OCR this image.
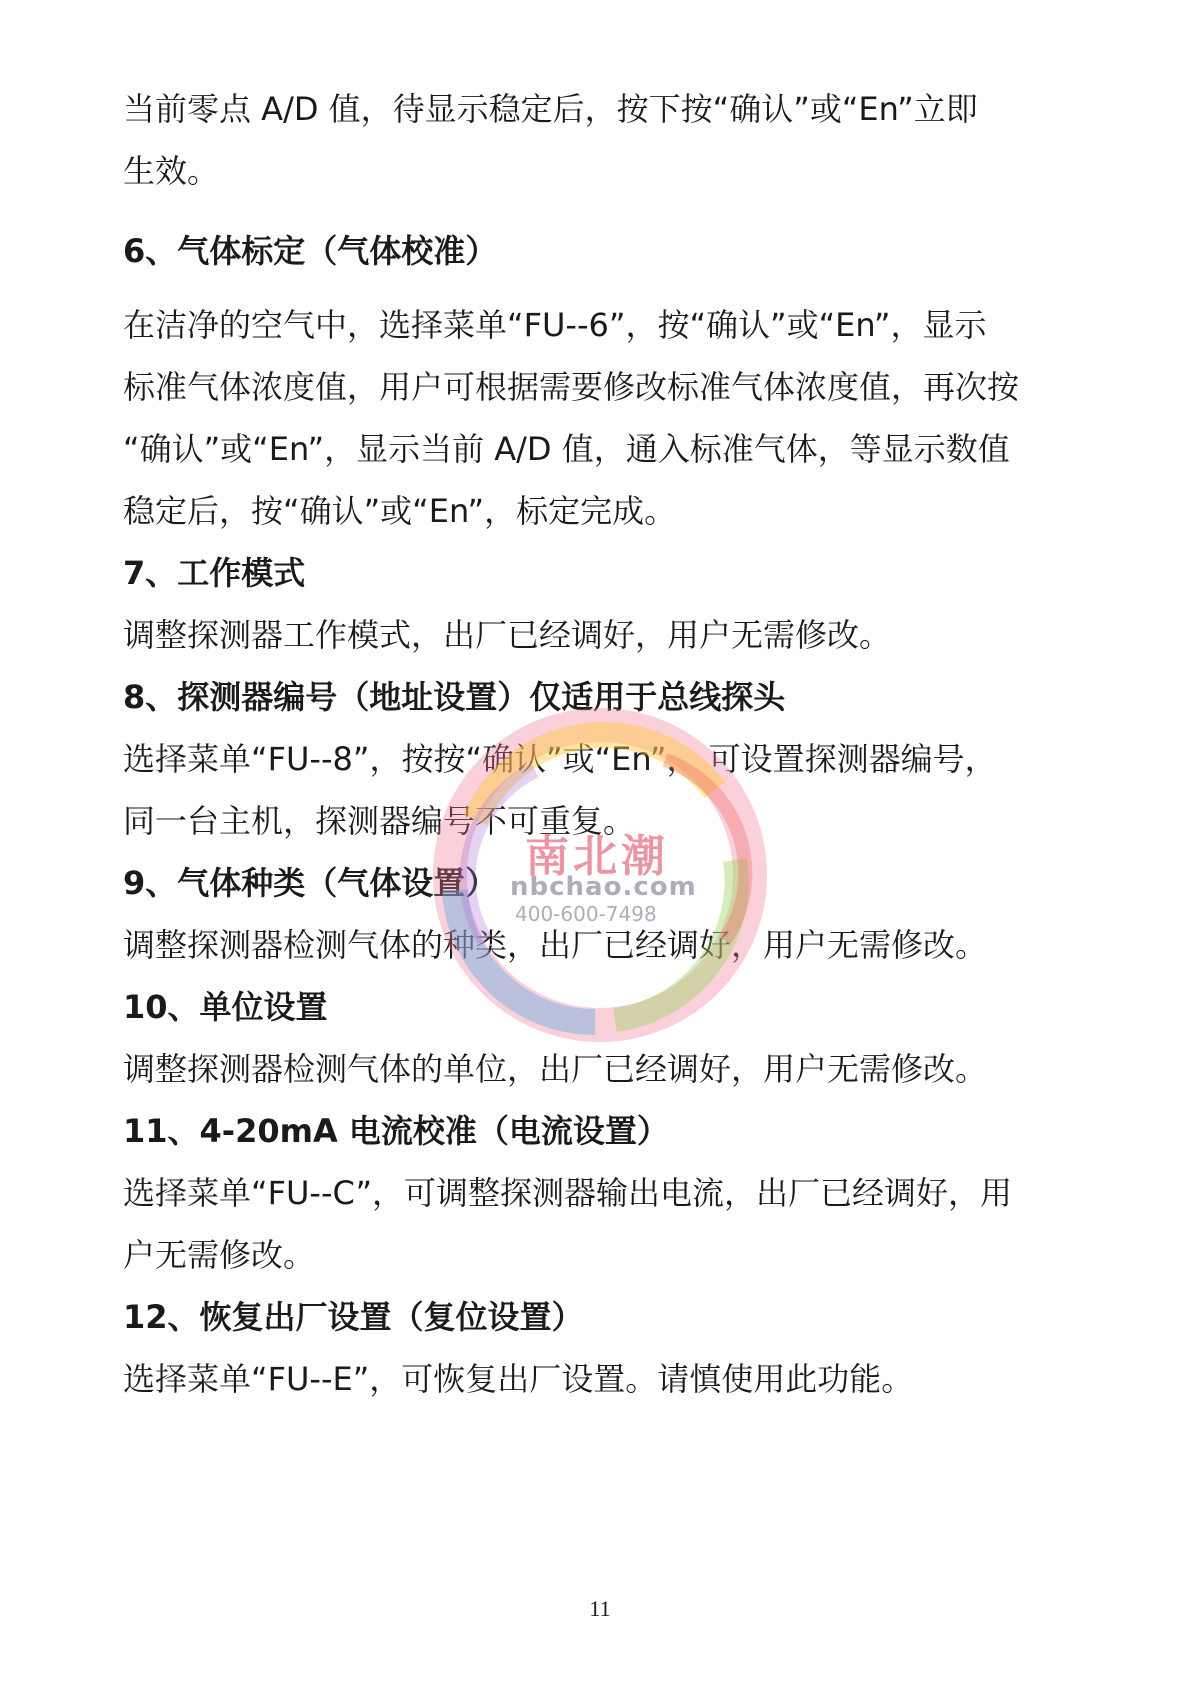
当前零点 A/D 值，待显示稳定后，按下按“确认”或“En”立即

生效。

6、气体标定（气体校准）

在洁净的空气中，选择菜单“FU--6”，按“确认”或“En”，显示

标准气体浓度值，用户可根据需要修改标准气体浓度值，再次按

“确认”或“En”，显示当前 A/D 值，通入标准气体，等显示数值

稳定后，按“确认”或“En”，标定完成。

7、工作模式

调整探测器工作模式，出厂已经调好，用户无需修改。

8、探测器编号（地址设置）仅适用于总线探头

选择菜单“FU--8”，按按“确认”或“En”， 可设置探测器编号，

同一台主机，探测器编号不可重复。

9、气体种类（气体设置）

调整探测器检测气体的种类，出厂已经调好，用户无需修改。

10、单位设置

调整探测器检测气体的单位，出厂已经调好，用户无需修改。

11、4-20mA 电流校准（电流设置）

选择菜单“FU--C”，可调整探测器输出电流，出厂已经调好，用

户无需修改。

12、恢复出厂设置（复位设置）

选择菜单“FU--E”，可恢复出厂设置。请慎使用此功能。

南北潮
nbchao.com
400-600-7498
11
